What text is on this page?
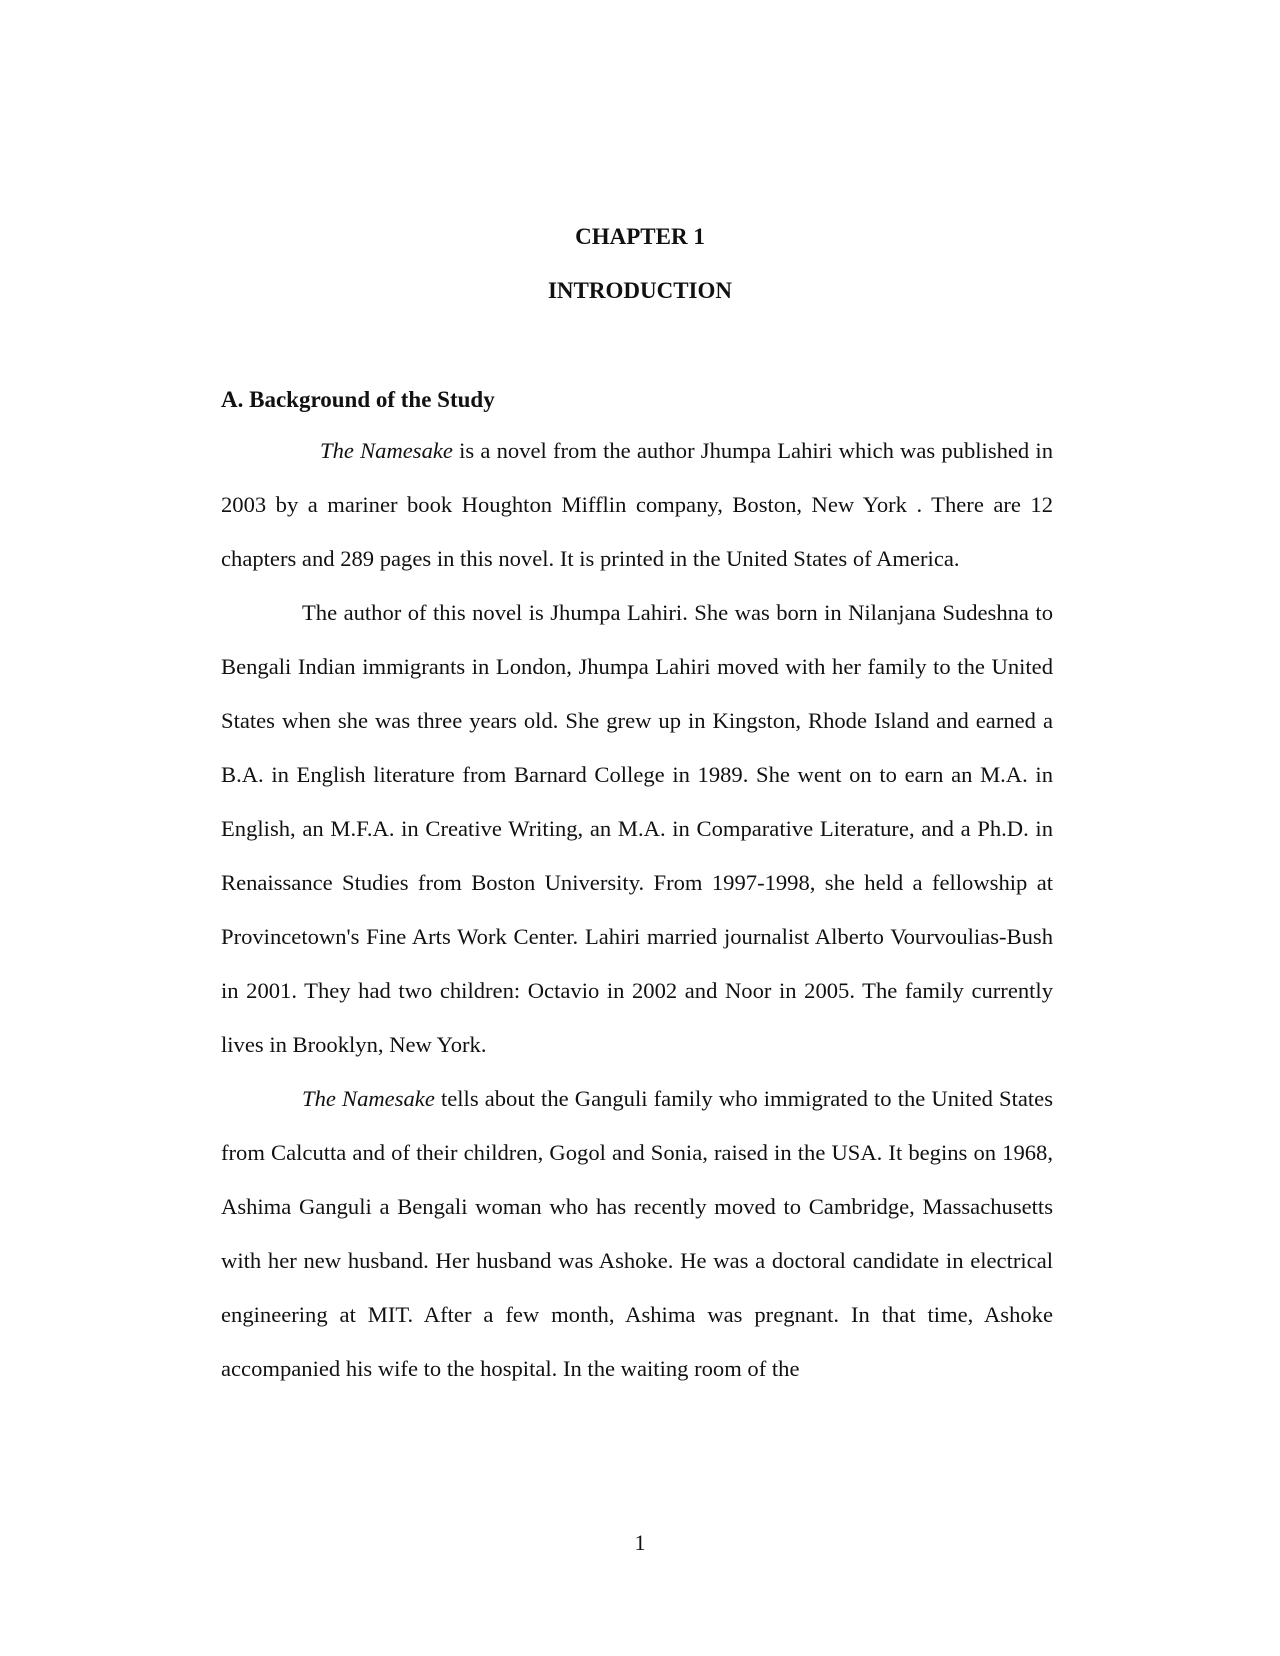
CHAPTER 1
INTRODUCTION
A. Background of the Study

The Namesake is a novel from the author Jhumpa Lahiri which was published in 2003 by a mariner book Houghton Mifflin company, Boston, New York . There are 12 chapters and 289 pages in this novel. It is printed in the United States of America.

The author of this novel is Jhumpa Lahiri. She was born in Nilanjana Sudeshna to Bengali Indian immigrants in London, Jhumpa Lahiri moved with her family to the United States when she was three years old. She grew up in Kingston, Rhode Island and earned a B.A. in English literature from Barnard College in 1989. She went on to earn an M.A. in English, an M.F.A. in Creative Writing, an M.A. in Comparative Literature, and a Ph.D. in Renaissance Studies from Boston University. From 1997-1998, she held a fellowship at Provincetown's Fine Arts Work Center. Lahiri married journalist Alberto Vourvoulias-Bush in 2001. They had two children: Octavio in 2002 and Noor in 2005. The family currently lives in Brooklyn, New York.

The Namesake tells about the Ganguli family who immigrated to the United States from Calcutta and of their children, Gogol and Sonia, raised in the USA. It begins on 1968, Ashima Ganguli a Bengali woman who has recently moved to Cambridge, Massachusetts with her new husband. Her husband was Ashoke. He was a doctoral candidate in electrical engineering at MIT. After a few month, Ashima was pregnant. In that time, Ashoke accompanied his wife to the hospital. In the waiting room of the

1
